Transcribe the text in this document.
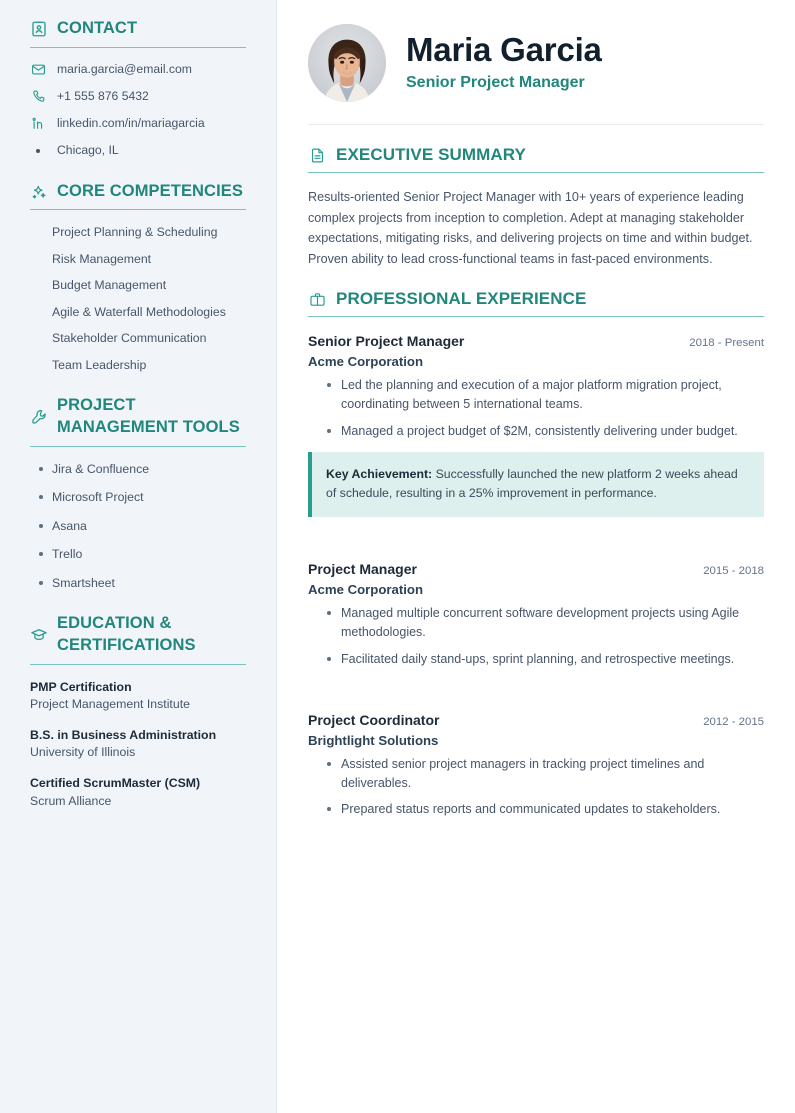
CONTACT
maria.garcia@email.com
+1 555 876 5432
linkedin.com/in/mariagarcia
Chicago, IL
CORE COMPETENCIES
Project Planning & Scheduling
Risk Management
Budget Management
Agile & Waterfall Methodologies
Stakeholder Communication
Team Leadership
PROJECT MANAGEMENT TOOLS
Jira & Confluence
Microsoft Project
Asana
Trello
Smartsheet
EDUCATION & CERTIFICATIONS
PMP Certification
Project Management Institute
B.S. in Business Administration
University of Illinois
Certified ScrumMaster (CSM)
Scrum Alliance
Maria Garcia
Senior Project Manager
EXECUTIVE SUMMARY

Results-oriented Senior Project Manager with 10+ years of experience leading complex projects from inception to completion. Adept at managing stakeholder expectations, mitigating risks, and delivering projects on time and within budget. Proven ability to lead cross-functional teams in fast-paced environments.

PROFESSIONAL EXPERIENCE
Senior Project Manager	2018 - Present
Acme Corporation
Led the planning and execution of a major platform migration project, coordinating between 5 international teams.
Managed a project budget of $2M, consistently delivering under budget.
Key Achievement: Successfully launched the new platform 2 weeks ahead of schedule, resulting in a 25% improvement in performance.
Project Manager	2015 - 2018
Acme Corporation
Managed multiple concurrent software development projects using Agile methodologies.
Facilitated daily stand-ups, sprint planning, and retrospective meetings.
Project Coordinator	2012 - 2015
Brightlight Solutions
Assisted senior project managers in tracking project timelines and deliverables.
Prepared status reports and communicated updates to stakeholders.
